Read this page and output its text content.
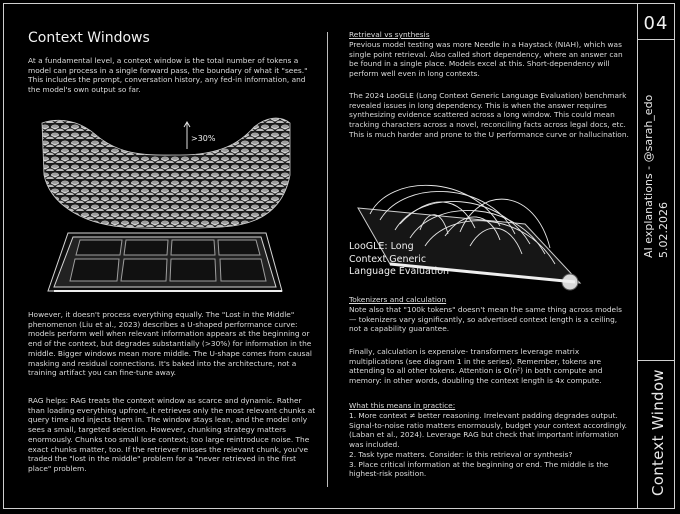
04
AI explanations - @sarah_edo 5.02.2026
Context Window
Context Windows

At a fundamental level, a context window is the total number of tokens a model can process in a single forward pass, the boundary of what it "sees." This includes the prompt, conversation history, any fed-in information, and the model's own output so far.

>30%

However, it doesn't process everything equally. The "Lost in the Middle" phenomenon (Liu et al., 2023) describes a U-shaped performance curve: models perform well when relevant information appears at the beginning or end of the context, but degrades substantially (>30%) for information in the middle. Bigger windows mean more middle. The U-shape comes from causal masking and residual connections. It's baked into the architecture, not a training artifact you can fine-tune away.

RAG helps: RAG treats the context window as scarce and dynamic. Rather than loading everything upfront, it retrieves only the most relevant chunks at query time and injects them in. The window stays lean, and the model only sees a small, targeted selection. However, chunking strategy matters enormously. Chunks too small lose context; too large reintroduce noise. The exact chunks matter, too. If the retriever misses the relevant chunk, you've traded the "lost in the middle" problem for a "never retrieved in the first place" problem.

Retrieval vs synthesis

Previous model testing was more Needle in a Haystack (NIAH), which was single point retrieval. Also called short dependency, where an answer can be found in a single place. Models excel at this. Short-dependency will perform well even in long contexts.

The 2024 LooGLE (Long Context Generic Language Evaluation) benchmark revealed issues in long dependency. This is when the answer requires synthesizing evidence scattered across a long window. This could mean tracking characters across a novel, reconciling facts across legal docs, etc. This is much harder and prone to the U performance curve or hallucination.

LooGLE: Long
Context Generic
Language Evaluation

Tokenizers and calculation

Note also that "100k tokens" doesn't mean the same thing across models — tokenizers vary significantly, so advertised context length is a ceiling, not a capability guarantee.

Finally, calculation is expensive- transformers leverage matrix multiplications (see diagram 1 in the series). Remember, tokens are attending to all other tokens. Attention is O(n²) in both compute and memory: in other words, doubling the context length is 4x compute.

What this means in practice:

1. More context ≠ better reasoning. Irrelevant padding degrades output. Signal-to-noise ratio matters enormously, budget your context accordingly. (Laban et al., 2024). Leverage RAG but check that important information was included.
2. Task type matters. Consider: is this retrieval or synthesis?
3. Place critical information at the beginning or end. The middle is the highest-risk position.
